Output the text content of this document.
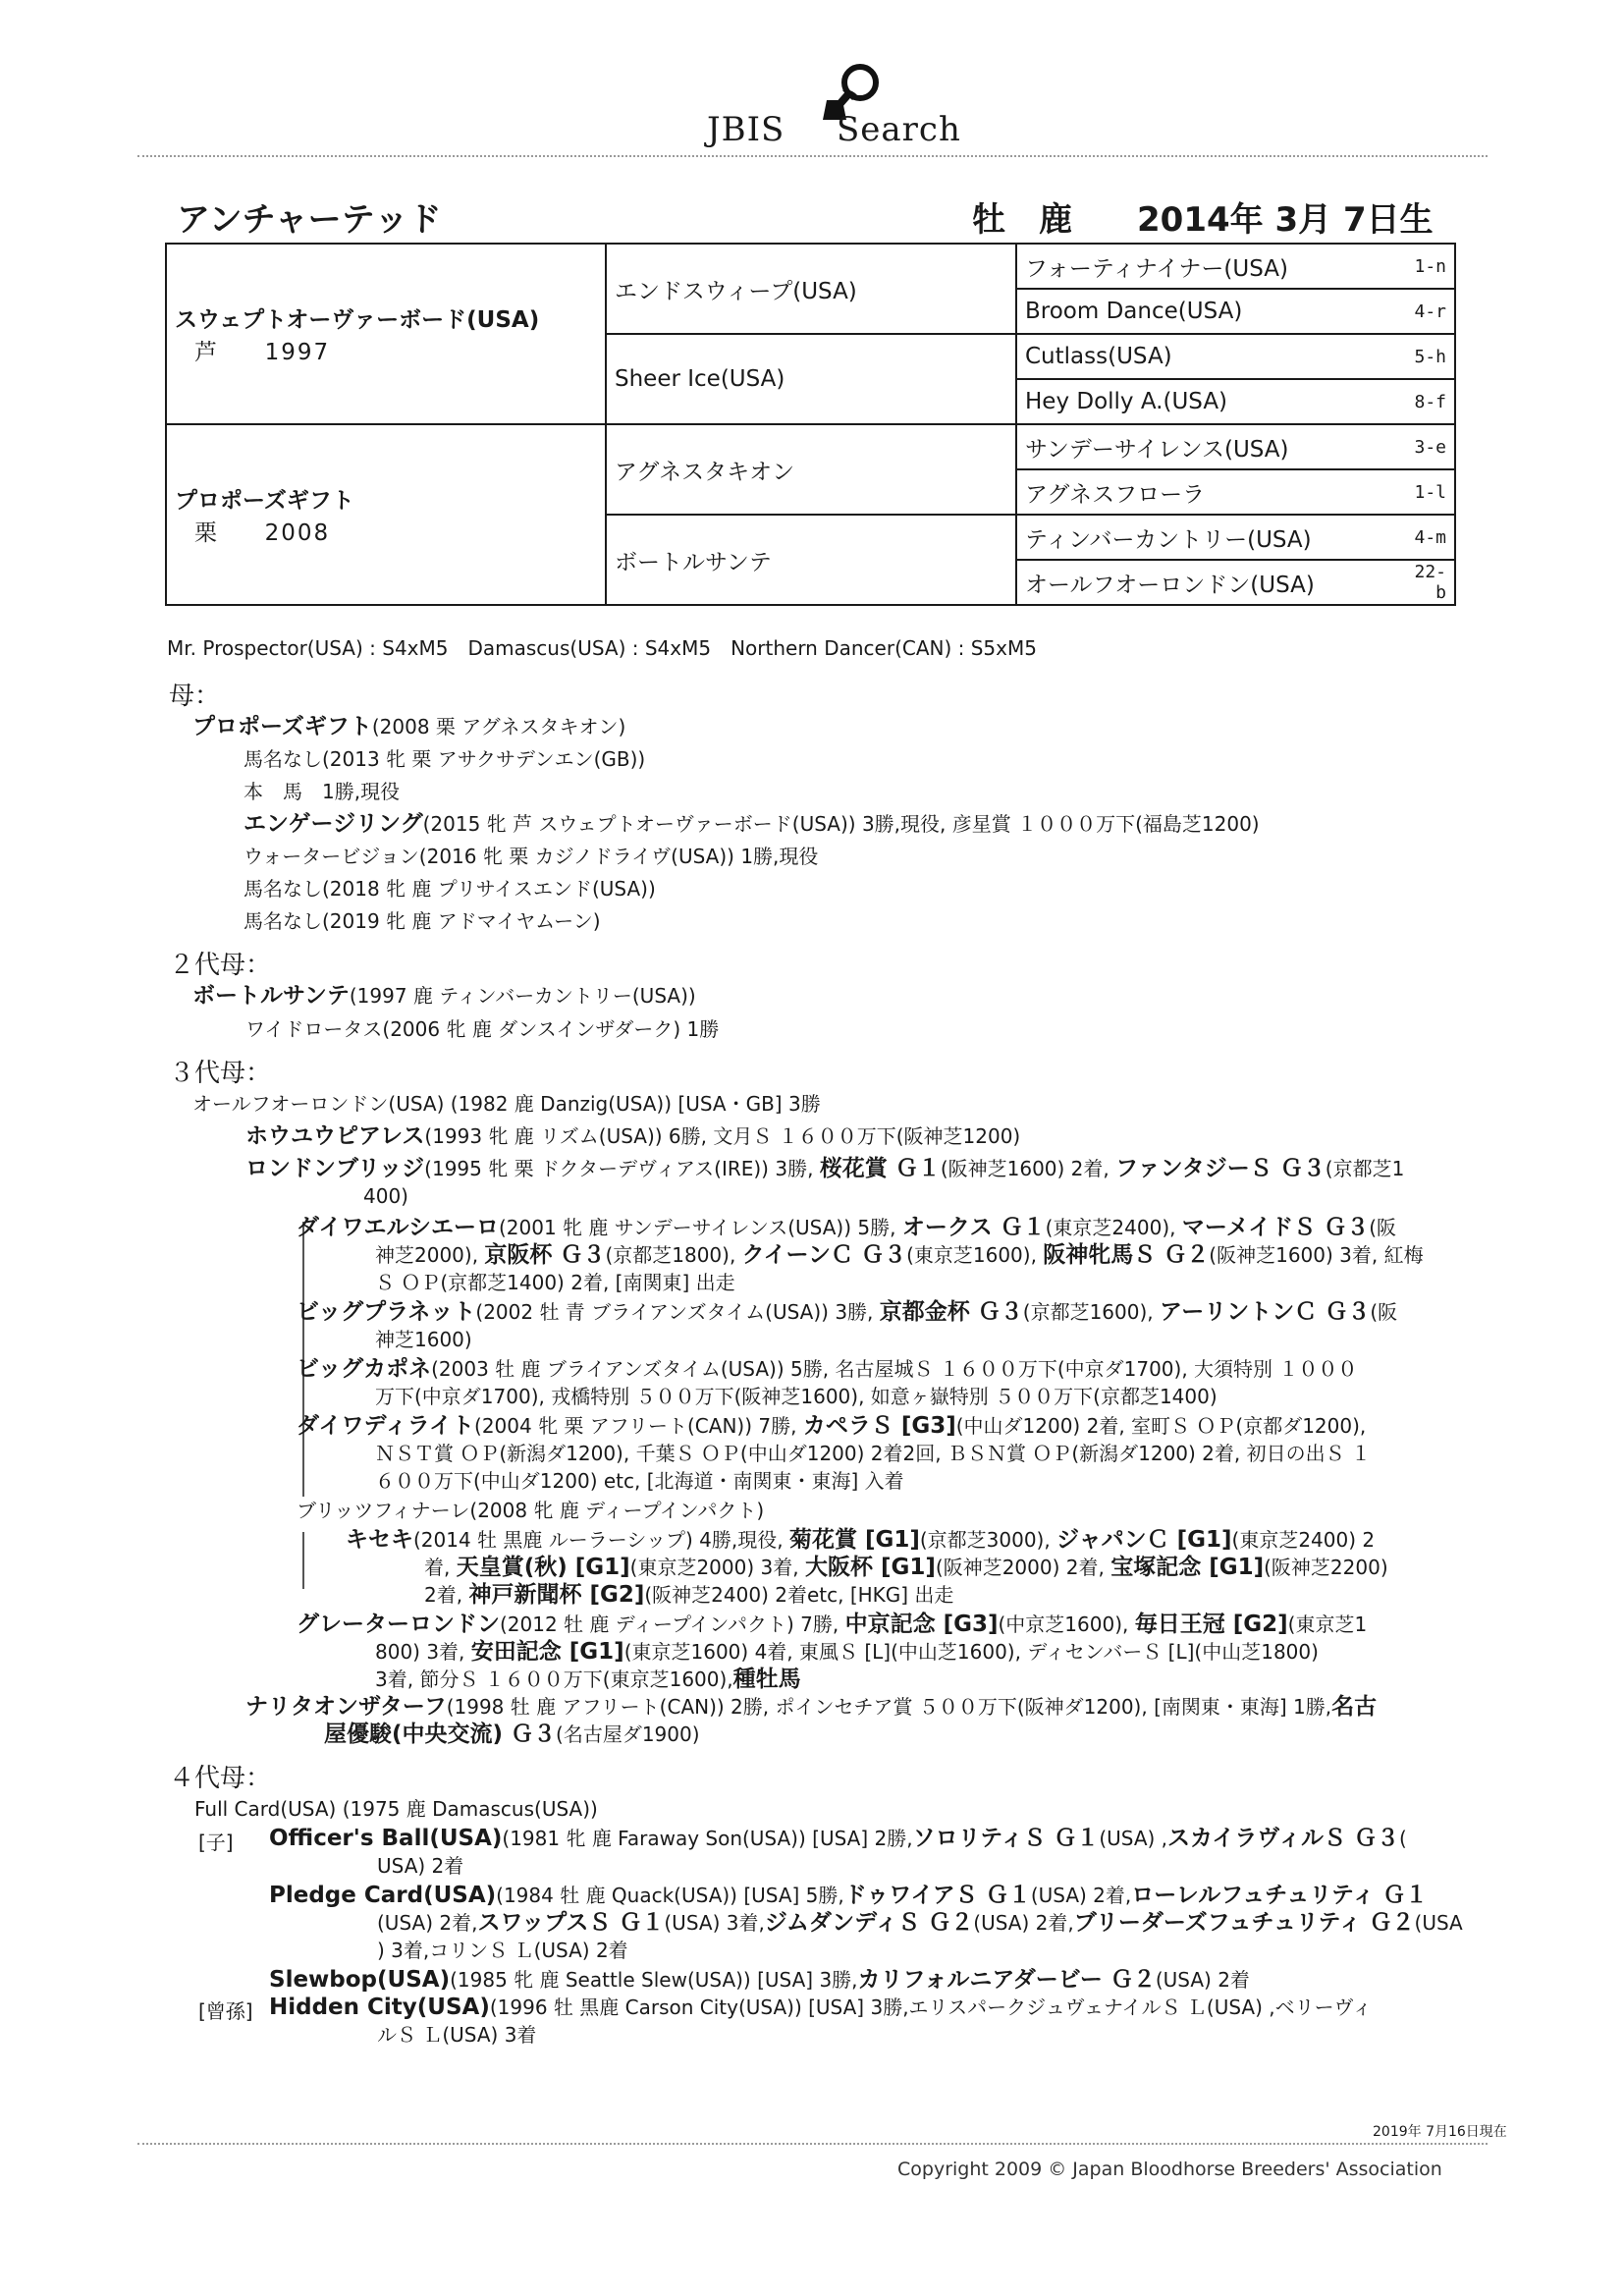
JBIS Search
アンチャーテッド	牡　鹿 2014年 3月 7日生
スウェプトオーヴァーボード(USA)
芦 1997	エンドスウィープ(USA)	フォーティナイナー(USA)	1-n
		Broom Dance(USA)	4-r
	Sheer Ice(USA)	Cutlass(USA)	5-h
		Hey Dolly A.(USA)	8-f

プロポーズギフト
栗 2008	アグネスタキオン	サンデーサイレンス(USA)	3-e
		アグネスフローラ	1-l
	ボートルサンテ	ティンバーカントリー(USA)	4-m
		オールフオーロンドン(USA)	22-b
Mr. Prospector(USA) : S4xM5　Damascus(USA) : S4xM5　Northern Dancer(CAN) : S5xM5
母：
プロポーズギフト(2008 栗 アグネスタキオン)
馬名なし(2013 牝 栗 アサクサデンエン(GB))
本　馬　1勝,現役
エンゲージリング(2015 牝 芦 スウェプトオーヴァーボード(USA)) 3勝,現役, 彦星賞 １０００万下(福島芝1200)
ウォータービジョン(2016 牝 栗 カジノドライヴ(USA)) 1勝,現役
馬名なし(2018 牝 鹿 プリサイスエンド(USA))
馬名なし(2019 牝 鹿 アドマイヤムーン)
２代母：
ボートルサンテ(1997 鹿 ティンバーカントリー(USA))
ワイドロータス(2006 牝 鹿 ダンスインザダーク) 1勝
３代母：
オールフオーロンドン(USA) (1982 鹿 Danzig(USA)) [USA・GB] 3勝
ホウユウピアレス(1993 牝 鹿 リズム(USA)) 6勝, 文月Ｓ １６００万下(阪神芝1200)
ロンドンブリッジ(1995 牝 栗 ドクターデヴィアス(IRE)) 3勝, 桜花賞 Ｇ１(阪神芝1600) 2着, ファンタジーＳ Ｇ３(京都芝1
400)
ダイワエルシエーロ(2001 牝 鹿 サンデーサイレンス(USA)) 5勝, オークス Ｇ１(東京芝2400), マーメイドＳ Ｇ３(阪
神芝2000), 京阪杯 Ｇ３(京都芝1800), クイーンＣ Ｇ３(東京芝1600), 阪神牝馬Ｓ Ｇ２(阪神芝1600) 3着, 紅梅
Ｓ ＯＰ(京都芝1400) 2着, [南関東] 出走
ビッグプラネット(2002 牡 青 ブライアンズタイム(USA)) 3勝, 京都金杯 Ｇ３(京都芝1600), アーリントンＣ Ｇ３(阪
神芝1600)
ビッグカポネ(2003 牡 鹿 ブライアンズタイム(USA)) 5勝, 名古屋城Ｓ １６００万下(中京ダ1700), 大須特別 １０００
万下(中京ダ1700), 戎橋特別 ５００万下(阪神芝1600), 如意ヶ嶽特別 ５００万下(京都芝1400)
ダイワディライト(2004 牝 栗 アフリート(CAN)) 7勝, カペラＳ [G3](中山ダ1200) 2着, 室町Ｓ ＯＰ(京都ダ1200),
ＮＳＴ賞 ＯＰ(新潟ダ1200), 千葉Ｓ ＯＰ(中山ダ1200) 2着2回, ＢＳＮ賞 ＯＰ(新潟ダ1200) 2着, 初日の出Ｓ １
６００万下(中山ダ1200) etc, [北海道・南関東・東海] 入着
ブリッツフィナーレ(2008 牝 鹿 ディープインパクト)
キセキ(2014 牡 黒鹿 ルーラーシップ) 4勝,現役, 菊花賞 [G1](京都芝3000), ジャパンＣ [G1](東京芝2400) 2
着, 天皇賞(秋) [G1](東京芝2000) 3着, 大阪杯 [G1](阪神芝2000) 2着, 宝塚記念 [G1](阪神芝2200)
2着, 神戸新聞杯 [G2](阪神芝2400) 2着etc, [HKG] 出走
グレーターロンドン(2012 牡 鹿 ディープインパクト) 7勝, 中京記念 [G3](中京芝1600), 毎日王冠 [G2](東京芝1
800) 3着, 安田記念 [G1](東京芝1600) 4着, 東風Ｓ [L](中山芝1600), ディセンバーＳ [L](中山芝1800)
3着, 節分Ｓ １６００万下(東京芝1600),種牡馬
ナリタオンザターフ(1998 牡 鹿 アフリート(CAN)) 2勝, ポインセチア賞 ５００万下(阪神ダ1200), [南関東・東海] 1勝,名古
屋優駿(中央交流) Ｇ３(名古屋ダ1900)
４代母：
Full Card(USA) (1975 鹿 Damascus(USA))
[子] Officer's Ball(USA)(1981 牝 鹿 Faraway Son(USA)) [USA] 2勝,ソロリティＳ Ｇ１(USA) ,スカイラヴィルＳ Ｇ３(
USA) 2着
Pledge Card(USA)(1984 牡 鹿 Quack(USA)) [USA] 5勝,ドゥワイアＳ Ｇ１(USA) 2着,ローレルフュチュリティ Ｇ１
(USA) 2着,スワップスＳ Ｇ１(USA) 3着,ジムダンディＳ Ｇ２(USA) 2着,ブリーダーズフュチュリティ Ｇ２(USA
) 3着,コリンＳ Ｌ(USA) 2着
Slewbop(USA)(1985 牝 鹿 Seattle Slew(USA)) [USA] 3勝,カリフォルニアダービー Ｇ２(USA) 2着
[曾孫] Hidden City(USA)(1996 牡 黒鹿 Carson City(USA)) [USA] 3勝,エリスパークジュヴェナイルＳ Ｌ(USA) ,ベリーヴィ
ルＳ Ｌ(USA) 3着
2019年 7月16日現在
Copyright 2009 © Japan Bloodhorse Breeders' Association
